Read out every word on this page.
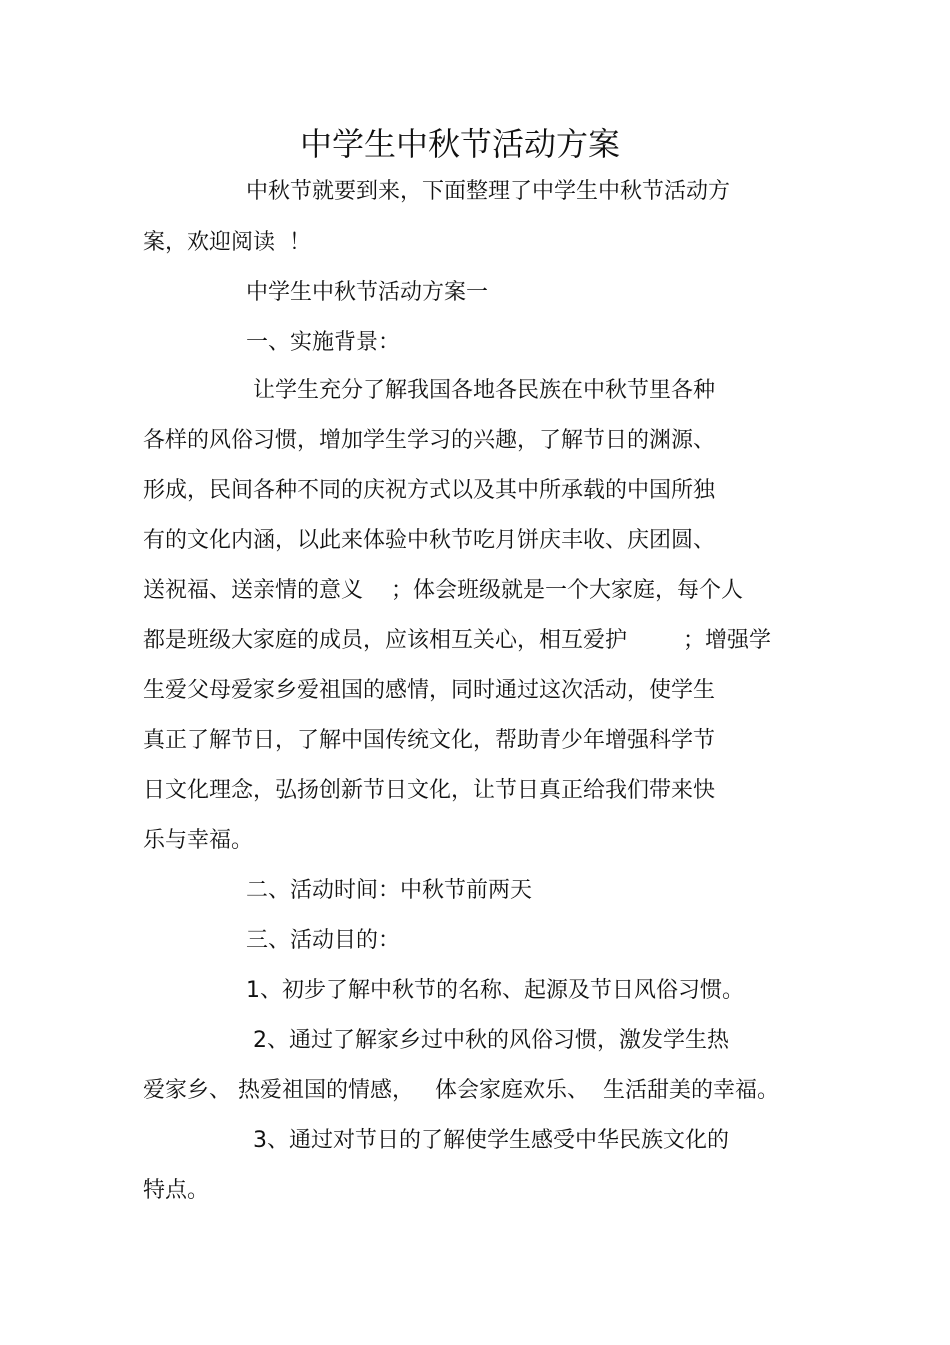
中学生中秋节活动方案
中秋节就要到来，下面整理了中学生中秋节活动方
案，欢迎阅读  ！
中学生中秋节活动方案一
一、实施背景：
让学生充分了解我国各地各民族在中秋节里各种
各样的风俗习惯，增加学生学习的兴趣，了解节日的渊源、
形成，民间各种不同的庆祝方式以及其中所承载的中国所独
有的文化内涵，以此来体验中秋节吃月饼庆丰收、庆团圆、
送祝福、送亲情的意义    ；体会班级就是一个大家庭，每个人
都是班级大家庭的成员，应该相互关心，相互爱护        ；增强学
生爱父母爱家乡爱祖国的感情，同时通过这次活动，使学生
真正了解节日，了解中国传统文化，帮助青少年增强科学节
日文化理念，弘扬创新节日文化，让节日真正给我们带来快
乐与幸福。
二、活动时间：中秋节前两天
三、活动目的：
1、初步了解中秋节的名称、起源及节日风俗习惯。
2、通过了解家乡过中秋的风俗习惯，激发学生热
爱家乡、 热爱祖国的情感，   体会家庭欢乐、  生活甜美的幸福。
3、通过对节日的了解使学生感受中华民族文化的
特点。
